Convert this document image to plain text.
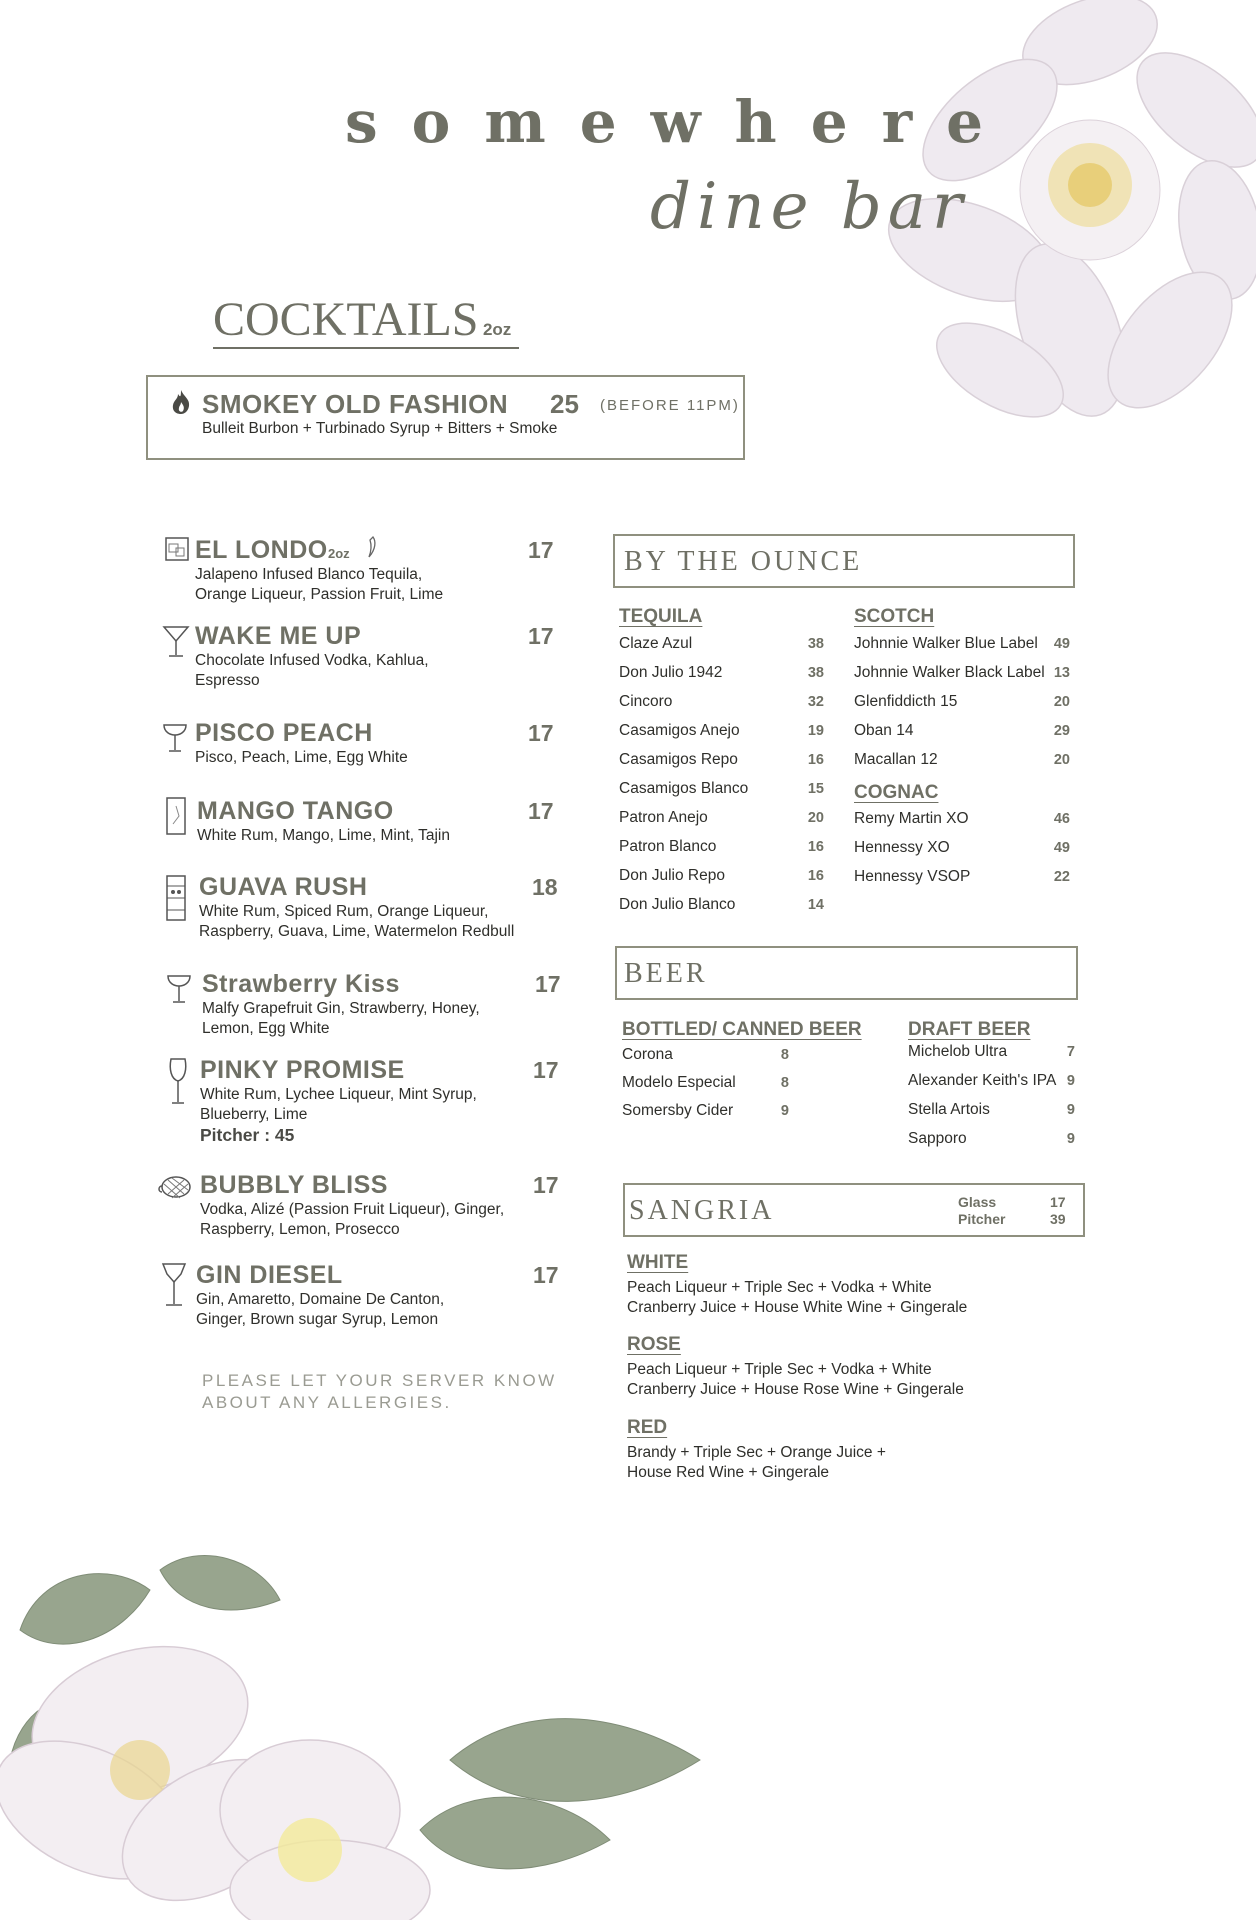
somewhere
dine bar
COCKTAILS 2oz
SMOKEY OLD FASHION 25 (BEFORE 11PM)
Bulleit Burbon + Turbinado Syrup + Bitters + Smoke
EL LONDO 2oz	17
Jalapeno Infused Blanco Tequila,
Orange Liqueur, Passion Fruit, Lime
WAKE ME UP	17
Chocolate Infused Vodka, Kahlua,
Espresso
PISCO PEACH	17
Pisco, Peach, Lime, Egg White
MANGO TANGO	17
White Rum, Mango, Lime, Mint, Tajin
GUAVA RUSH	18
White Rum, Spiced Rum, Orange Liqueur,
Raspberry, Guava, Lime, Watermelon Redbull
Strawberry Kiss	17
Malfy Grapefruit Gin, Strawberry, Honey,
Lemon, Egg White
PINKY PROMISE	17
White Rum, Lychee Liqueur, Mint Syrup,
Blueberry, Lime
Pitcher : 45
BUBBLY BLISS	17
Vodka, Alizé (Passion Fruit Liqueur), Ginger,
Raspberry, Lemon, Prosecco
GIN DIESEL	17
Gin, Amaretto, Domaine De Canton,
Ginger, Brown sugar Syrup, Lemon
PLEASE LET YOUR SERVER KNOW
ABOUT ANY ALLERGIES.
BY THE OUNCE
TEQUILA
Claze Azul	38
Don Julio 1942	38
Cincoro	32
Casamigos Anejo	19
Casamigos Repo	16
Casamigos Blanco	15
Patron Anejo	20
Patron Blanco	16
Don Julio Repo	16
Don Julio Blanco	14
SCOTCH
Johnnie Walker Blue Label 49
Johnnie Walker Black Label 13
Glenfiddicth 15	20
Oban 14	29
Macallan 12	20
COGNAC
Remy Martin XO	46
Hennessy XO	49
Hennessy VSOP	22
BEER
BOTTLED/ CANNED BEER
Corona	8
Modelo Especial	8
Somersby Cider	9
DRAFT BEER
Michelob Ultra	7
Alexander Keith's IPA 9
Stella Artois	9
Sapporo	9
SANGRIA	Glass	17
Pitcher	39
WHITE
Peach Liqueur + Triple Sec + Vodka + White
Cranberry Juice + House White Wine + Gingerale
ROSE
Peach Liqueur + Triple Sec + Vodka + White
Cranberry Juice + House Rose Wine + Gingerale
RED
Brandy + Triple Sec + Orange Juice +
House Red Wine + Gingerale
